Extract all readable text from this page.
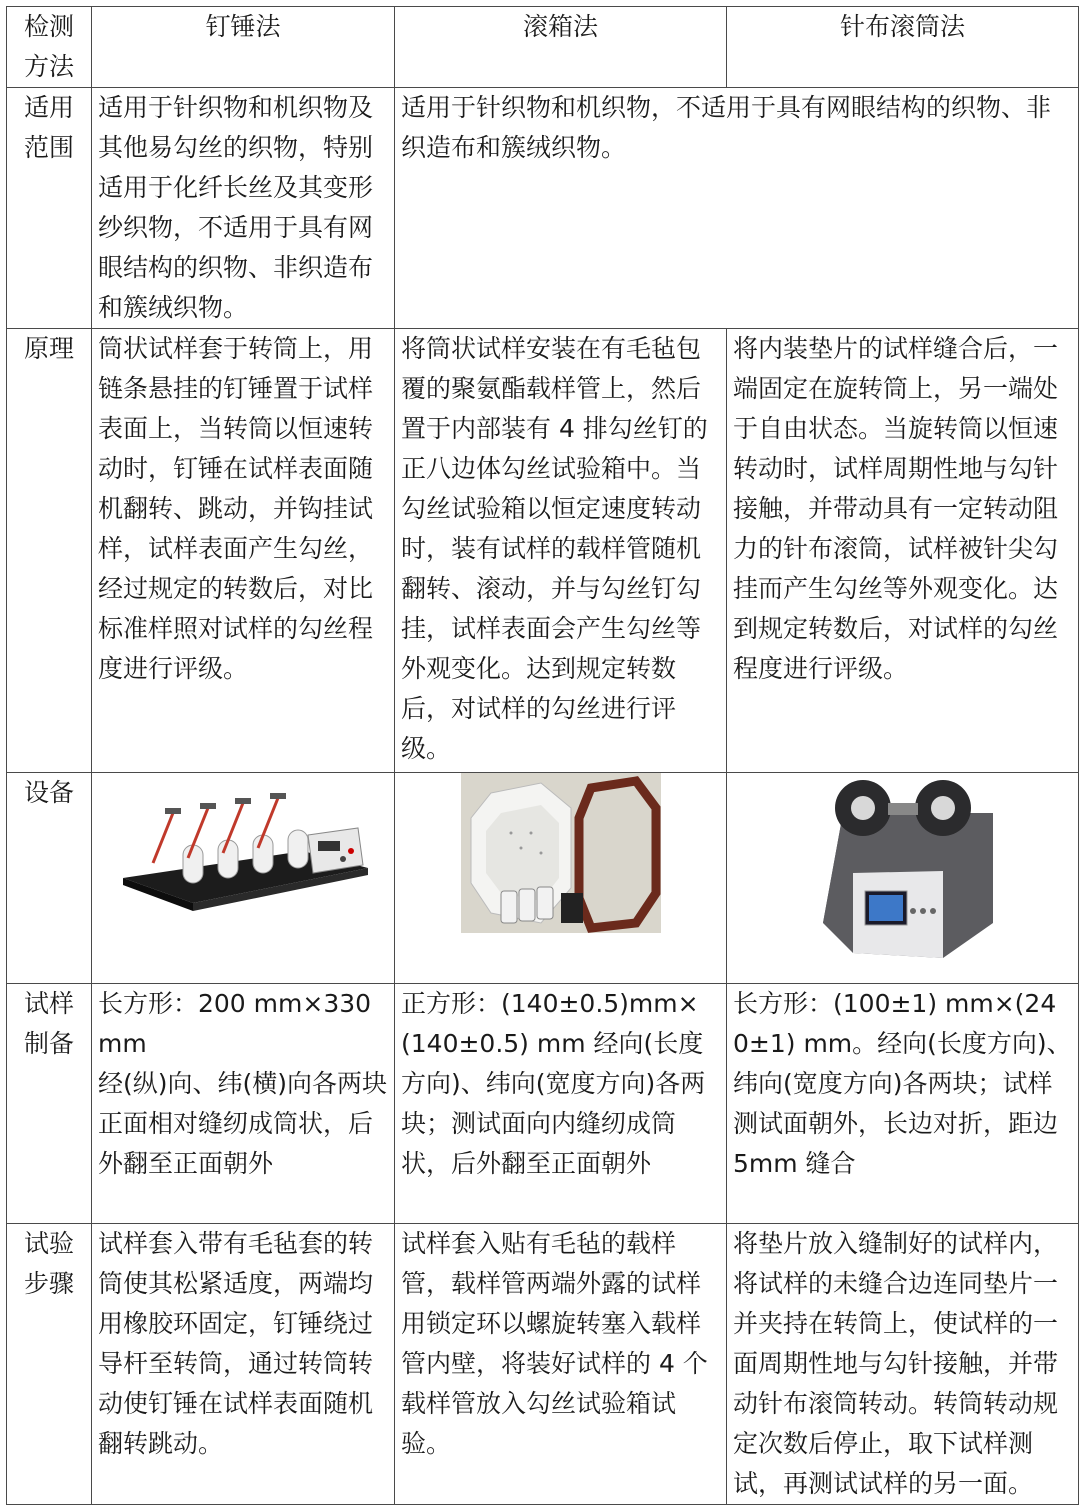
检测
方法	钉锤法	滚箱法	针布滚筒法
适用
范围	适用于针织物和机织物及其他易勾丝的织物，特别适用于化纤长丝及其变形纱织物，不适用于具有网眼结构的织物、非织造布和簇绒织物。	适用于针织物和机织物，不适用于具有网眼结构的织物、非织造布和簇绒织物。	
原理	筒状试样套于转筒上，用链条悬挂的钉锤置于试样表面上，当转筒以恒速转动时，钉锤在试样表面随机翻转、跳动，并钩挂试样，试样表面产生勾丝，经过规定的转数后，对比标准样照对试样的勾丝程度进行评级。	将筒状试样安装在有毛毡包覆的聚氨酯载样管上，然后置于内部装有 4 排勾丝钉的正八边体勾丝试验箱中。当勾丝试验箱以恒定速度转动时，装有试样的载样管随机翻转、滚动，并与勾丝钉勾挂，试样表面会产生勾丝等外观变化。达到规定转数后，对试样的勾丝进行评级。	将内装垫片的试样缝合后，一端固定在旋转筒上，另一端处于自由状态。当旋转筒以恒速转动时，试样周期性地与勾针接触，并带动具有一定转动阻力的针布滚筒，试样被针尖勾挂而产生勾丝等外观变化。达到规定转数后，对试样的勾丝程度进行评级。
设备	

试样
制备	长方形：200 mm×330 mm
经(纵)向、纬(横)向各两块
正面相对缝纫成筒状，后外翻至正面朝外	正方形：(140±0.5)mm×(140±0.5) mm 经向(长度方向)、纬向(宽度方向)各两块；测试面向内缝纫成筒状，后外翻至正面朝外	长方形：(100±1) mm×(240±1) mm。经向(长度方向)、纬向(宽度方向)各两块；试样测试面朝外，长边对折，距边5mm 缝合
试验
步骤	试样套入带有毛毡套的转筒使其松紧适度，两端均用橡胶环固定，钉锤绕过导杆至转筒，通过转筒转动使钉锤在试样表面随机翻转跳动。	试样套入贴有毛毡的载样管，载样管两端外露的试样用锁定环以螺旋转塞入载样管内壁，将装好试样的 4 个载样管放入勾丝试验箱试验。	将垫片放入缝制好的试样内，将试样的未缝合边连同垫片一并夹持在转筒上，使试样的一面周期性地与勾针接触，并带动针布滚筒转动。转筒转动规定次数后停止，取下试样测试，再测试试样的另一面。
